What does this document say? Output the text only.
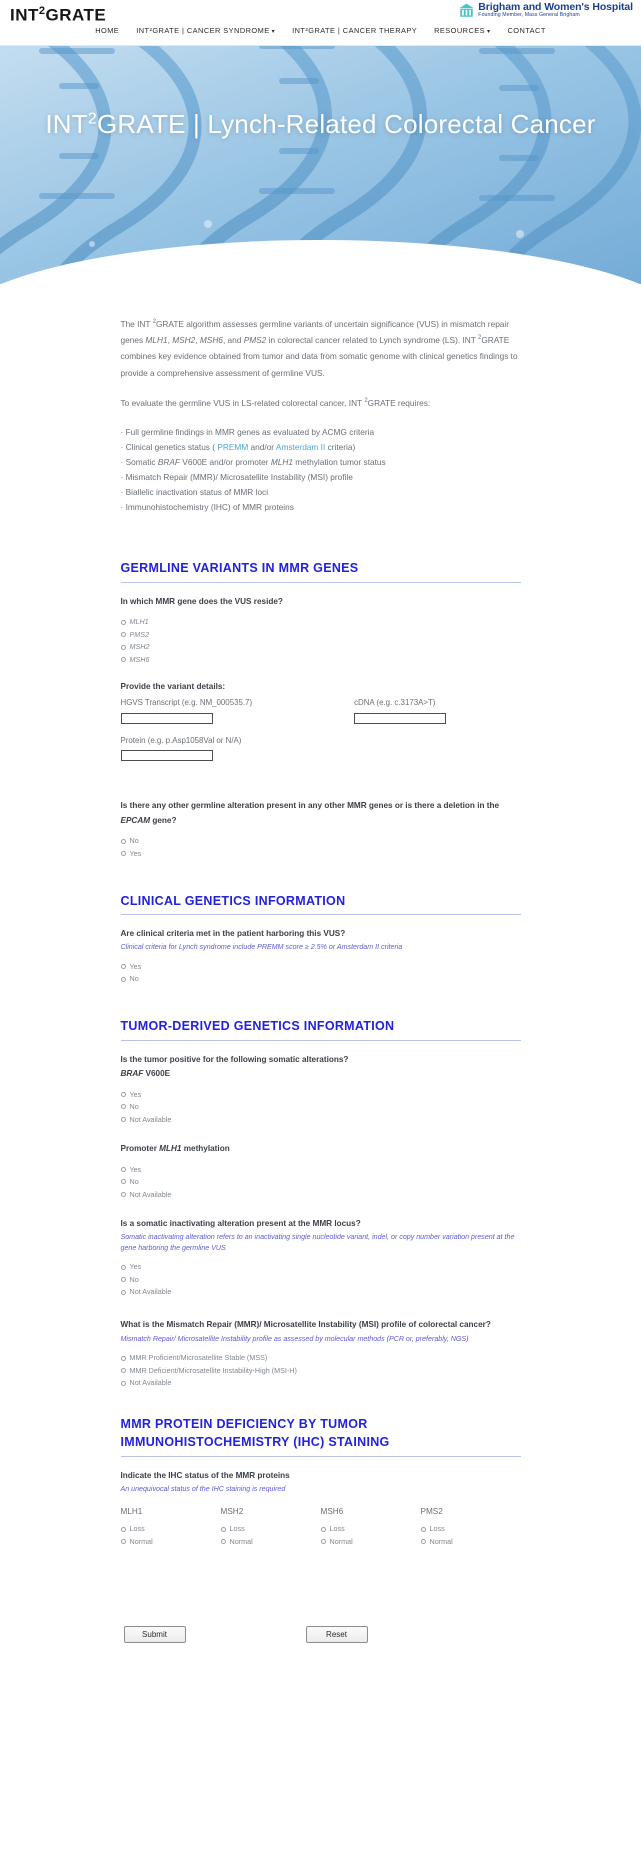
INT$^2$GRATE	Brigham and Women's Hospital
Founding Member, Mass General Brigham
HOME INT²GRATE | CANCER SYNDROME ▾ INT²GRATE | CANCER THERAPY RESOURCES ▾ CONTACT
INT$^2$GRATE | Lynch-Related Colorectal Cancer

The INT $^2$GRATE algorithm assesses germline variants of uncertain significance (VUS) in mismatch repair genes MLH1, MSH2, MSH6, and PMS2 in colorectal cancer related to Lynch syndrome (LS). INT $^2$GRATE combines key evidence obtained from tumor and data from somatic genome with clinical genetics findings to provide a comprehensive assessment of germline VUS.

To evaluate the germline VUS in LS-related colorectal cancer, INT $^2$GRATE requires:

· Full germline findings in MMR genes as evaluated by ACMG criteria
· Clinical genetics status ( PREMM and/or Amsterdam II criteria)
· Somatic BRAF V600E and/or promoter MLH1 methylation tumor status
· Mismatch Repair (MMR)/ Microsatellite Instability (MSI) profile
· Biallelic inactivation status of MMR loci
· Immunohistochemistry (IHC) of MMR proteins
GERMLINE VARIANTS IN MMR GENES
In which MMR gene does the VUS reside?
MLH1
PMS2
MSH2
MSH6
Provide the variant details:
HGVS Transcript (e.g. NM_000535.7)	cDNA (e.g. c.3173A>T)
Protein (e.g. p.Asp1058Val or N/A)
Is there any other germline alteration present in any other MMR genes or is there a deletion in the EPCAM gene?
No
Yes
CLINICAL GENETICS INFORMATION
Are clinical criteria met in the patient harboring this VUS?
Clinical criteria for Lynch syndrome include PREMM score ≥ 2.5% or Amsterdam II criteria
Yes
No
TUMOR-DERIVED GENETICS INFORMATION
Is the tumor positive for the following somatic alterations?
BRAF V600E
Yes
No
Not Available
Promoter MLH1 methylation
Yes
No
Not Available
Is a somatic inactivating alteration present at the MMR locus?
Somatic inactivating alteration refers to an inactivating single nucleotide variant, indel, or copy number variation present at the gene harboring the germline VUS
Yes
No
Not Available
What is the Mismatch Repair (MMR)/ Microsatellite Instability (MSI) profile of colorectal cancer?
Mismatch Repair/ Microsatellite Instability profile as assessed by molecular methods (PCR or, preferably, NGS)
MMR Proficient/Microsatellite Stable (MSS)
MMR Deficient/Microsatellite Instability-High (MSI-H)
Not Available
MMR PROTEIN DEFICIENCY BY TUMOR IMMUNOHISTOCHEMISTRY (IHC) STAINING
Indicate the IHC status of the MMR proteins
An unequivocal status of the IHC staining is required
MLH1
Loss
Normal
MSH2
Loss
Normal
MSH6
Loss
Normal
PMS2
Loss
Normal
Submit	Reset
